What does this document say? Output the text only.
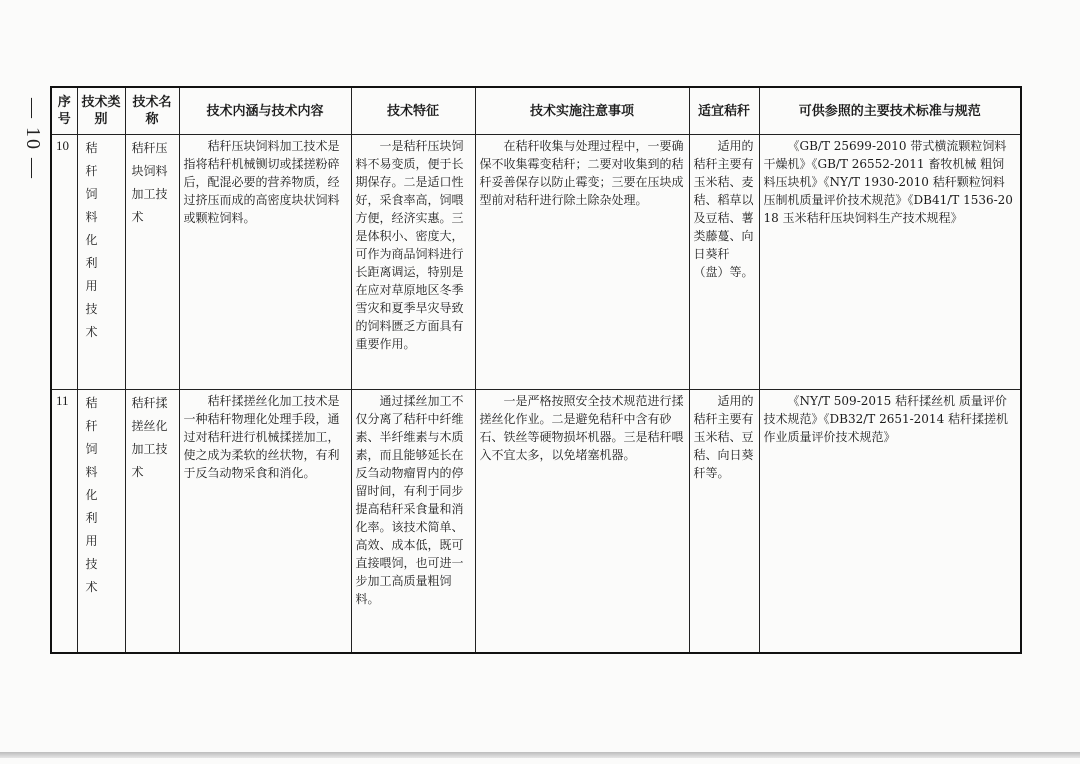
— 10 — 序号	技术类别	技术名称	技术内涵与技术内容	技术特征	技术实施注意事项	适宜秸秆	可供参照的主要技术标准与规范
10	秸秆饲料化利用技术	秸秆压块饲料加工技术	秸秆压块饲料加工技术是指将秸秆机械铡切或揉搓粉碎后，配混必要的营养物质，经过挤压而成的高密度块状饲料或颗粒饲料。	一是秸秆压块饲料不易变质，便于长期保存。二是适口性好，采食率高，饲喂方便，经济实惠。三是体积小、密度大，可作为商品饲料进行长距离调运，特别是在应对草原地区冬季雪灾和夏季旱灾导致的饲料匮乏方面具有重要作用。	在秸秆收集与处理过程中，一要确保不收集霉变秸秆；二要对收集到的秸秆妥善保存以防止霉变；三要在压块成型前对秸秆进行除土除杂处理。	适用的秸秆主要有玉米秸、麦秸、稻草以及豆秸、薯类藤蔓、向日葵秆（盘）等。	《GB/T 25699-2010 带式横流颗粒饲料干燥机》《GB/T 26552-2011 畜牧机械 粗饲料压块机》《NY/T 1930-2010 秸秆颗粒饲料压制机质量评价技术规范》《DB41/T 1536-2018 玉米秸秆压块饲料生产技术规程》
11	秸秆饲料化利用技术	秸秆揉搓丝化加工技术	秸秆揉搓丝化加工技术是一种秸秆物理化处理手段，通过对秸秆进行机械揉搓加工，使之成为柔软的丝状物，有利于反刍动物采食和消化。	通过揉丝加工不仅分离了秸秆中纤维素、半纤维素与木质素，而且能够延长在反刍动物瘤胃内的停留时间，有利于同步提高秸秆采食量和消化率。该技术简单、高效、成本低，既可直接喂饲，也可进一步加工高质量粗饲料。	一是严格按照安全技术规范进行揉搓丝化作业。二是避免秸秆中含有砂石、铁丝等硬物损坏机器。三是秸秆喂入不宜太多，以免堵塞机器。	适用的秸秆主要有玉米秸、豆秸、向日葵秆等。	《NY/T 509-2015 秸秆揉丝机 质量评价技术规范》《DB32/T 2651-2014 秸秆揉搓机作业质量评价技术规范》
